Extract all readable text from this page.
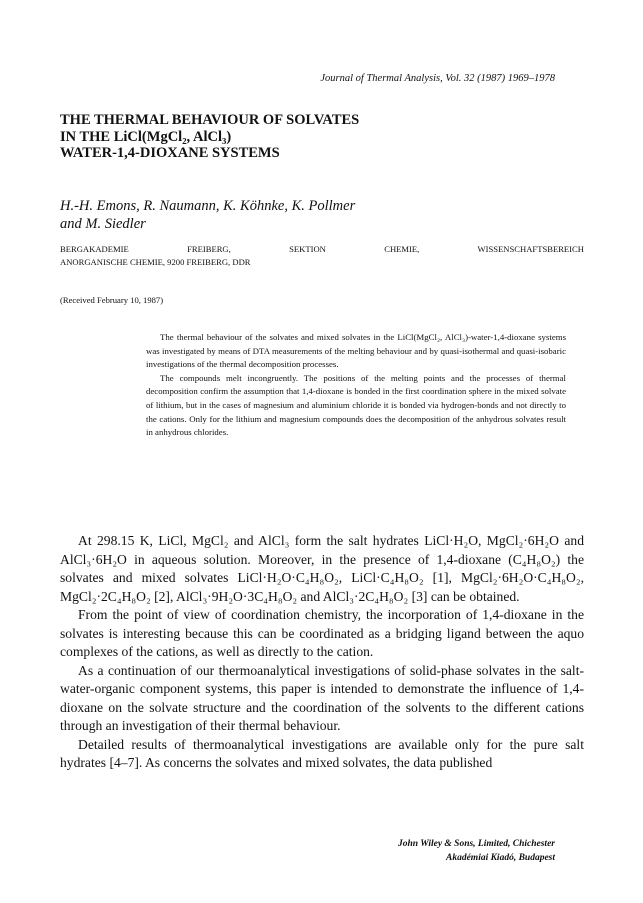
Journal of Thermal Analysis, Vol. 32 (1987) 1969–1978
THE THERMAL BEHAVIOUR OF SOLVATES
IN THE LiCl(MgCl₂, AlCl₃)
WATER-1,4-DIOXANE SYSTEMS
H.-H. Emons, R. Naumann, K. Köhnke, K. Pollmer
and M. Siedler
BERGAKADEMIE FREIBERG, SEKTION CHEMIE, WISSENSCHAFTSBEREICH
ANORGANISCHE CHEMIE, 9200 FREIBERG, DDR
(Received February 10, 1987)

The thermal behaviour of the solvates and mixed solvates in the LiCl(MgCl₂, AlCl₃)-water-1,4-dioxane systems was investigated by means of DTA measurements of the melting behaviour and by quasi-isothermal and quasi-isobaric investigations of the thermal decomposition processes.

The compounds melt incongruently. The positions of the melting points and the processes of thermal decomposition confirm the assumption that 1,4-dioxane is bonded in the first coordination sphere in the mixed solvate of lithium, but in the cases of magnesium and aluminium chloride it is bonded via hydrogen-bonds and not directly to the cations. Only for the lithium and magnesium compounds does the decomposition of the anhydrous solvates result in anhydrous chlorides.

At 298.15 K, LiCl, MgCl₂ and AlCl₃ form the salt hydrates LiCl·H₂O, MgCl₂·6H₂O and AlCl₃·6H₂O in aqueous solution. Moreover, in the presence of 1,4-dioxane (C₄H₈O₂) the solvates and mixed solvates LiCl·H₂O·C₄H₈O₂, LiCl·C₄H₈O₂ [1], MgCl₂·6H₂O·C₄H₈O₂, MgCl₂·2C₄H₈O₂ [2], AlCl₃·9H₂O·3C₄H₈O₂ and AlCl₃·2C₄H₈O₂ [3] can be obtained.

From the point of view of coordination chemistry, the incorporation of 1,4-dioxane in the solvates is interesting because this can be coordinated as a bridging ligand between the aquo complexes of the cations, as well as directly to the cation.

As a continuation of our thermoanalytical investigations of solid-phase solvates in the salt-water-organic component systems, this paper is intended to demonstrate the influence of 1,4-dioxane on the solvate structure and the coordination of the solvents to the different cations through an investigation of their thermal behaviour.

Detailed results of thermoanalytical investigations are available only for the pure salt hydrates [4–7]. As concerns the solvates and mixed solvates, the data published

John Wiley & Sons, Limited, Chichester
Akadémiai Kiadó, Budapest
